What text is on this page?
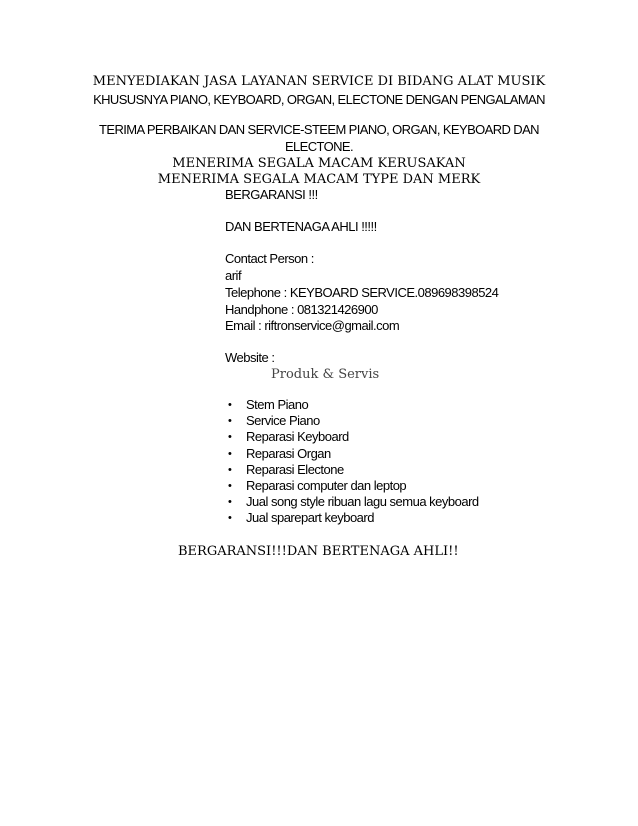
MENYEDIAKAN JASA LAYANAN SERVICE DI BIDANG ALAT MUSIK
KHUSUSNYA PIANO, KEYBOARD, ORGAN, ELECTONE DENGAN PENGALAMAN
TERIMA PERBAIKAN DAN SERVICE-STEEM PIANO, ORGAN, KEYBOARD DAN
ELECTONE.
MENERIMA SEGALA MACAM KERUSAKAN
MENERIMA SEGALA MACAM TYPE DAN MERK
BERGARANSI !!!
DAN BERTENAGA AHLI !!!!!
Contact Person :
arif
Telephone : KEYBOARD SERVICE.089698398524
Handphone : 081321426900
Email : riftronservice@gmail.com
Website :
Produk & Servis
• Stem Piano
• Service Piano
• Reparasi Keyboard
• Reparasi Organ
• Reparasi Electone
• Reparasi computer dan leptop
• Jual song style ribuan lagu semua keyboard
• Jual sparepart keyboard
BERGARANSI!!!DAN BERTENAGA AHLI!!
